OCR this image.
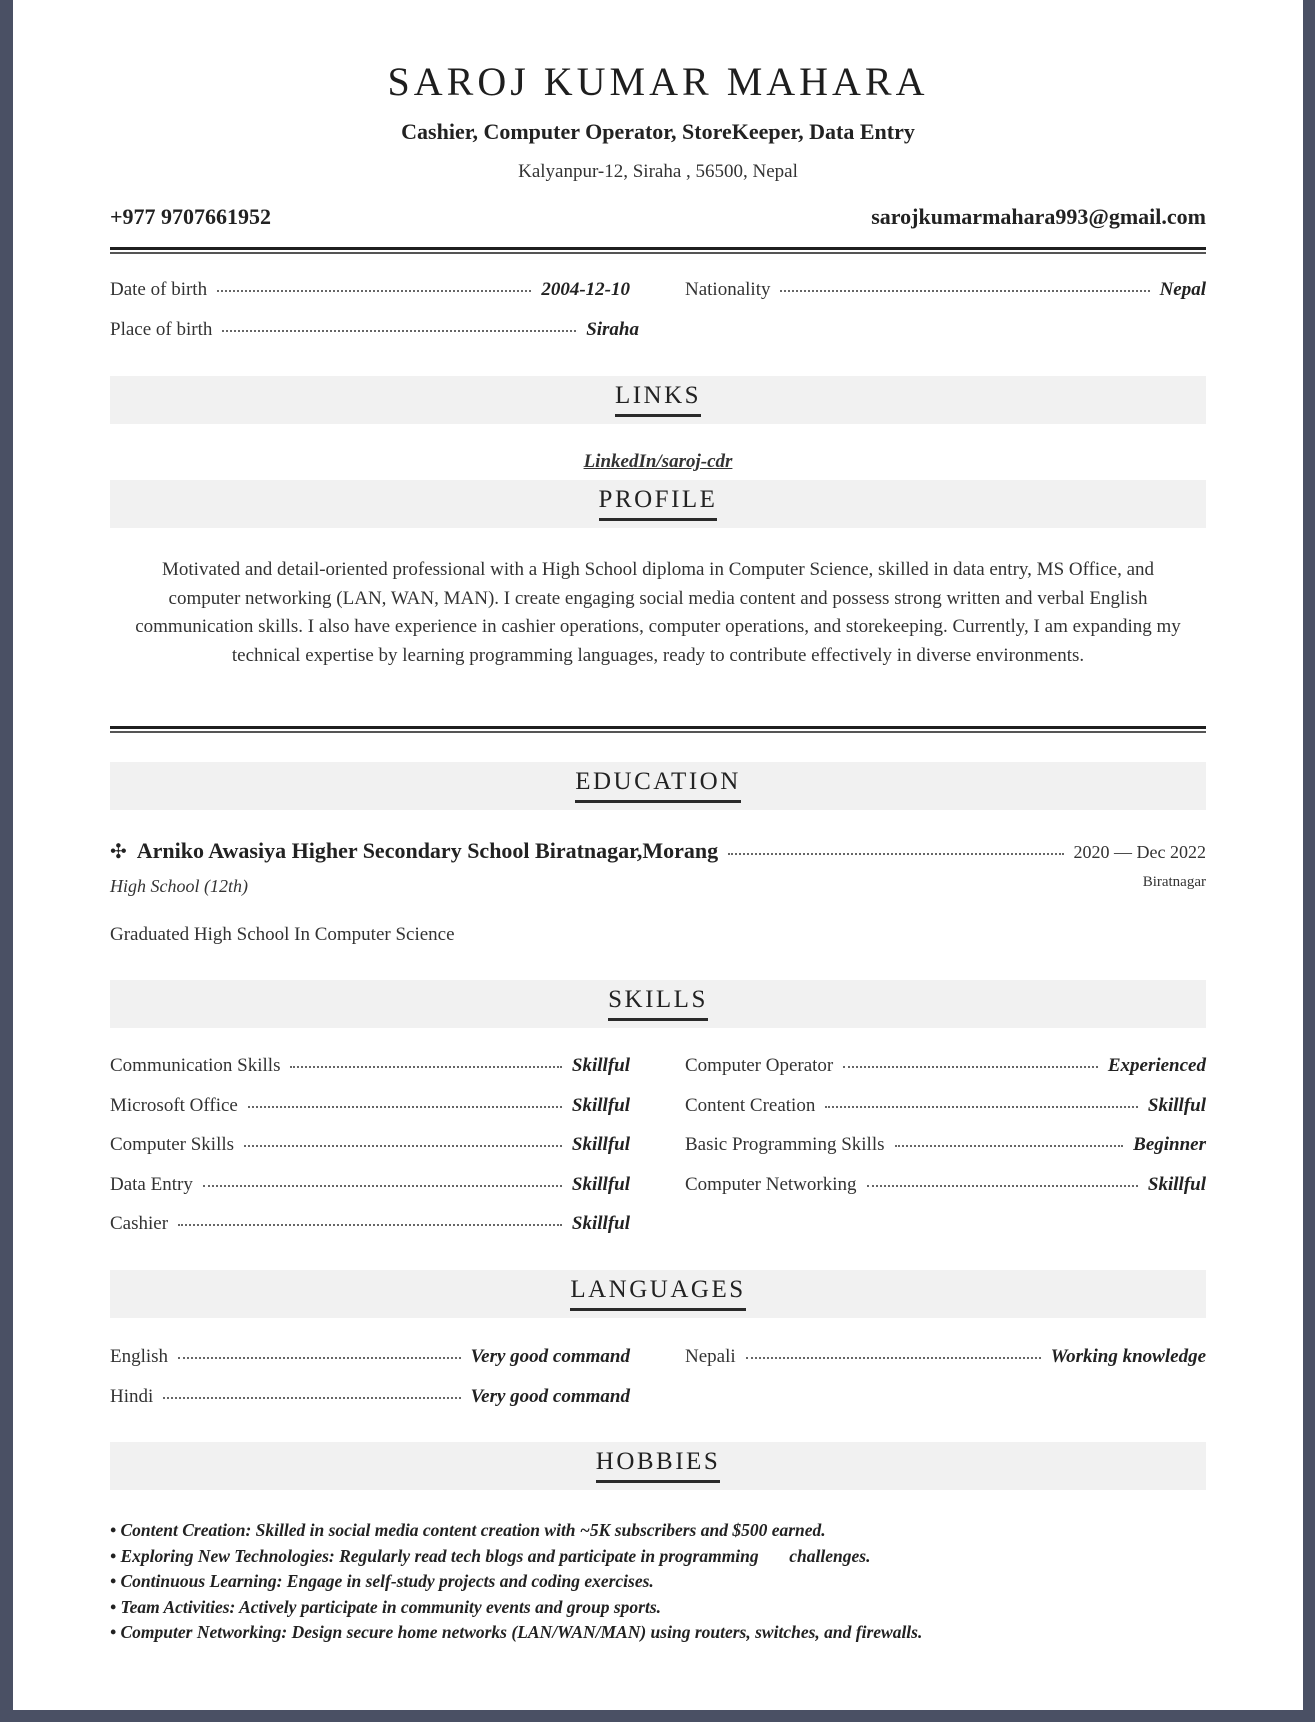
SAROJ KUMAR MAHARA
Cashier, Computer Operator, StoreKeeper, Data Entry
Kalyanpur-12, Siraha , 56500, Nepal
+977 9707661952	sarojkumarmahara993@gmail.com
Date of birth	2004-12-10	Nationality	Nepal
Place of birth	Siraha
LINKS
LinkedIn/saroj-cdr
PROFILE
Motivated and detail-oriented professional with a High School diploma in Computer Science, skilled in data entry, MS Office, and computer networking (LAN, WAN, MAN). I create engaging social media content and possess strong written and verbal English communication skills. I also have experience in cashier operations, computer operations, and storekeeping. Currently, I am expanding my technical expertise by learning programming languages, ready to contribute effectively in diverse environments.
EDUCATION
✣ Arniko Awasiya Higher Secondary School Biratnagar,Morang	2020 — Dec 2022
High School (12th)	Biratnagar
Graduated High School In Computer Science
SKILLS
Communication Skills	Skillful
Microsoft Office	Skillful
Computer Skills	Skillful
Data Entry	Skillful
Cashier	Skillful
Computer Operator	Experienced
Content Creation	Skillful
Basic Programming Skills	Beginner
Computer Networking	Skillful
LANGUAGES
English	Very good command
Hindi	Very good command
Nepali	Working knowledge
HOBBIES
• Content Creation: Skilled in social media content creation with ~5K subscribers and $500 earned.
• Exploring New Technologies: Regularly read tech blogs and participate in programming       challenges.
• Continuous Learning: Engage in self-study projects and coding exercises.
• Team Activities: Actively participate in community events and group sports.
• Computer Networking: Design secure home networks (LAN/WAN/MAN) using routers, switches, and firewalls.
